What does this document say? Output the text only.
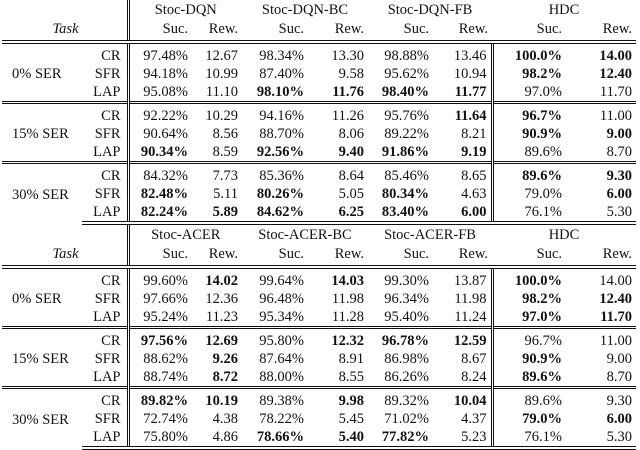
		Stoc-DQN		Stoc-DQN-BC		Stoc-DQN-FB		HDC	
Task		Suc.	Rew.	Suc.	Rew.	Suc.	Rew.	Suc.	Rew.
0% SER	CR	97.48%	12.67	98.34%	13.30	98.88%	13.46	100.0%	14.00
	SFR	94.18%	10.99	87.40%	9.58	95.62%	10.94	98.2%	12.40
	LAP	95.08%	11.10	98.10%	11.76	98.40%	11.77	97.0%	11.70
15% SER	CR	92.22%	10.29	94.16%	11.26	95.76%	11.64	96.7%	11.00
	SFR	90.64%	8.56	88.70%	8.06	89.22%	8.21	90.9%	9.00
	LAP	90.34%	8.59	92.56%	9.40	91.86%	9.19	89.6%	8.70
30% SER	CR	84.32%	7.73	85.36%	8.64	85.46%	8.65	89.6%	9.30
	SFR	82.48%	5.11	80.26%	5.05	80.34%	4.63	79.0%	6.00
	LAP	82.24%	5.89	84.62%	6.25	83.40%	6.00	76.1%	5.30
		Stoc-ACER		Stoc-ACER-BC		Stoc-ACER-FB		HDC	
Task		Suc.	Rew.	Suc.	Rew.	Suc.	Rew.	Suc.	Rew.
0% SER	CR	99.60%	14.02	99.64%	14.03	99.30%	13.87	100.0%	14.00
	SFR	97.66%	12.36	96.48%	11.98	96.34%	11.98	98.2%	12.40
	LAP	95.24%	11.23	95.34%	11.28	95.40%	11.24	97.0%	11.70
15% SER	CR	97.56%	12.69	95.80%	12.32	96.78%	12.59	96.7%	11.00
	SFR	88.62%	9.26	87.64%	8.91	86.98%	8.67	90.9%	9.00
	LAP	88.74%	8.72	88.00%	8.55	86.26%	8.24	89.6%	8.70
30% SER	CR	89.82%	10.19	89.38%	9.98	89.32%	10.04	89.6%	9.30
	SFR	72.74%	4.38	78.22%	5.45	71.02%	4.37	79.0%	6.00
	LAP	75.80%	4.86	78.66%	5.40	77.82%	5.23	76.1%	5.30
